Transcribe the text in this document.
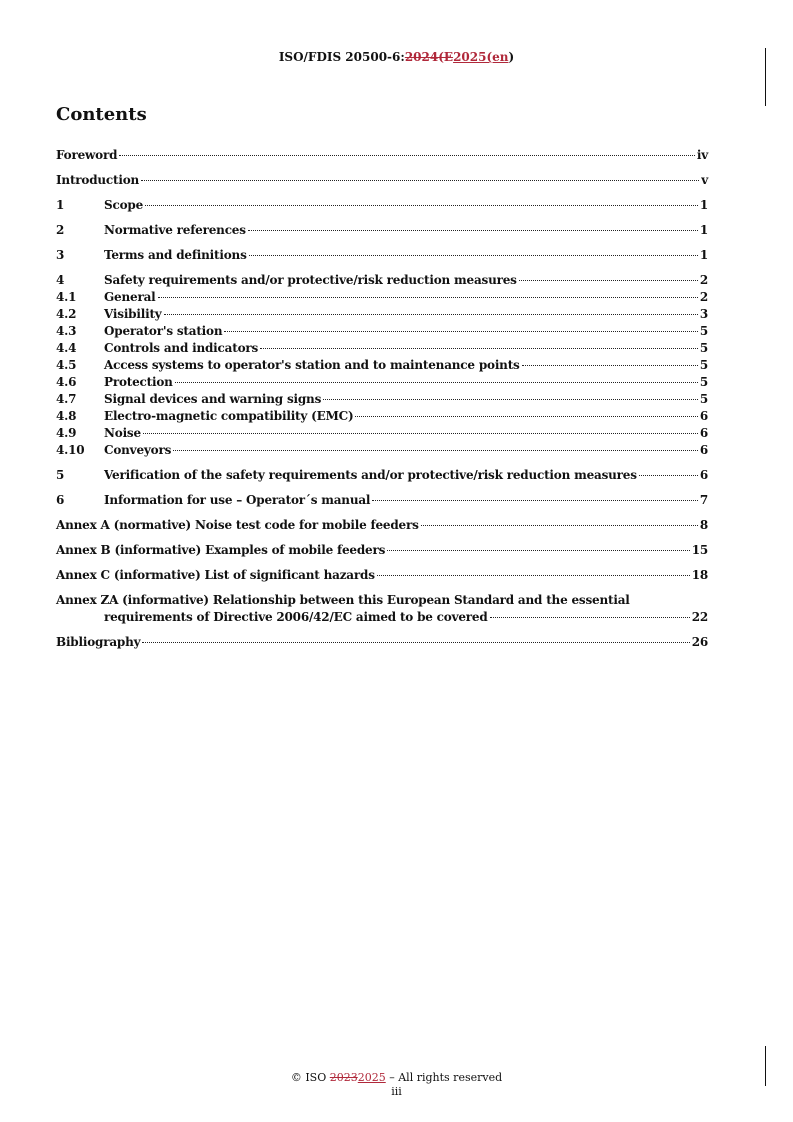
ISO/FDIS 20500-6:2024(E2025(en)
Contents
Foreword	iv
Introduction	v
1	Scope	1
2	Normative references	1
3	Terms and definitions	1
4	Safety requirements and/or protective/risk reduction measures	2
4.1	General	2
4.2	Visibility	3
4.3	Operator's station	5
4.4	Controls and indicators	5
4.5	Access systems to operator's station and to maintenance points	5
4.6	Protection	5
4.7	Signal devices and warning signs	5
4.8	Electro-magnetic compatibility (EMC)	6
4.9	Noise	6
4.10	Conveyors	6
5	Verification of the safety requirements and/or protective/risk reduction measures	6
6	Information for use – Operator´s manual	7
Annex A (normative) Noise test code for mobile feeders	8
Annex B (informative) Examples of mobile feeders	15
Annex C (informative) List of significant hazards	18
Annex ZA (informative) Relationship between this European Standard and the essential
requirements of Directive 2006/42/EC aimed to be covered	22
Bibliography	26
© ISO 20232025 – All rights reserved
iii
